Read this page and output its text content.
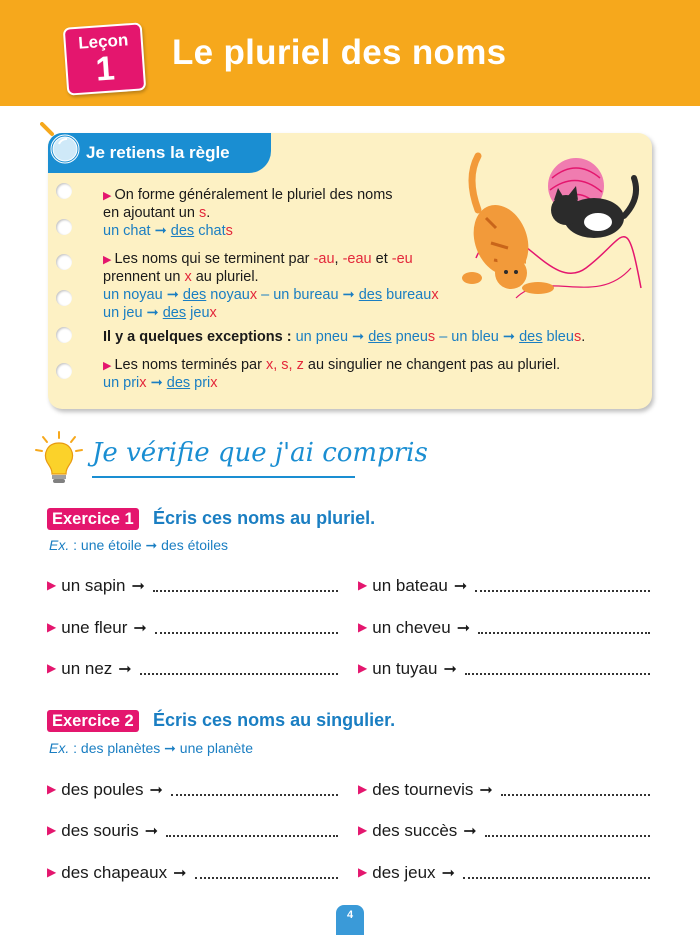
Leçon
1	Le pluriel des noms
Je retiens la règle
▶ On forme généralement le pluriel des noms
en ajoutant un s.
un chat ➞ des chats
▶ Les noms qui se terminent par -au, -eau et -eu
prennent un x au pluriel.
un noyau ➞ des noyaux – un bureau ➞ des bureaux
un jeu ➞ des jeux
Il y a quelques exceptions : un pneu ➞ des pneus – un bleu ➞ des bleus.
▶ Les noms terminés par x, s, z au singulier ne changent pas au pluriel.
un prix ➞ des prix
Je vérifie que j'ai compris
Exercice 1 Écris ces noms au pluriel.
Ex. : une étoile ➞ des étoiles
▶ un sapin ➞
▶ une fleur ➞
▶ un nez ➞
▶ un bateau ➞
▶ un cheveu ➞
▶ un tuyau ➞
Exercice 2 Écris ces noms au singulier.
Ex. : des planètes ➞ une planète
▶ des poules ➞
▶ des souris ➞
▶ des chapeaux ➞
▶ des tournevis ➞
▶ des succès ➞
▶ des jeux ➞
4
